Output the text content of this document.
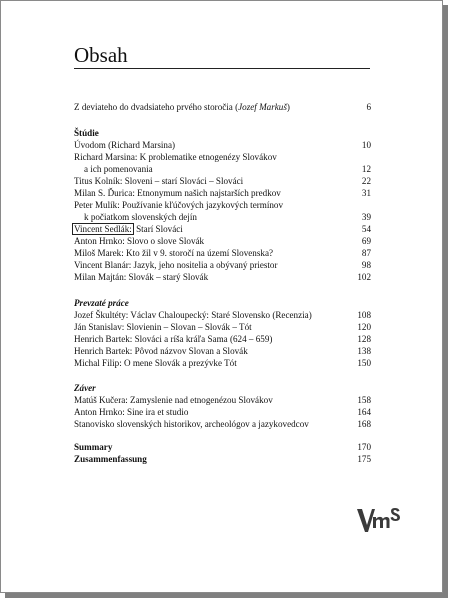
Obsah
Z deviateho do dvadsiateho prvého storočia (Jozef Markuš)	6
Štúdie
Úvodom (Richard Marsina)	10
Richard Marsina: K problematike etnogenézy Slovákov
a ich pomenovania	12
Titus Kolník: Sloveni – starí Slováci – Slováci	22
Milan S. Ďurica: Etnonymum našich najstarších predkov	31
Peter Mulík: Používanie kľúčových jazykových termínov
k počiatkom slovenských dejín	39
Vincent Sedlák: Starí Slováci	54
Anton Hrnko: Slovo o slove Slovák	69
Miloš Marek: Kto žil v 9. storočí na území Slovenska?	87
Vincent Blanár: Jazyk, jeho nositelia a obývaný priestor	98
Milan Majtán: Slovák – starý Slovák	102
Prevzaté práce
Jozef Škultéty: Václav Chaloupecký: Staré Slovensko (Recenzia)	108
Ján Stanislav: Slovienin – Slovan – Slovák – Tót	120
Henrich Bartek: Slováci a ríša kráľa Sama (624 – 659)	128
Henrich Bartek: Pôvod názvov Slovan a Slovák	138
Michal Filip: O mene Slovák a prezývke Tót	150
Záver
Matúš Kučera: Zamyslenie nad etnogenézou Slovákov	158
Anton Hrnko: Sine ira et studio	164
Stanovisko slovenských historikov, archeológov a jazykovedcov	168
Summary	170
Zusammenfassung	175
